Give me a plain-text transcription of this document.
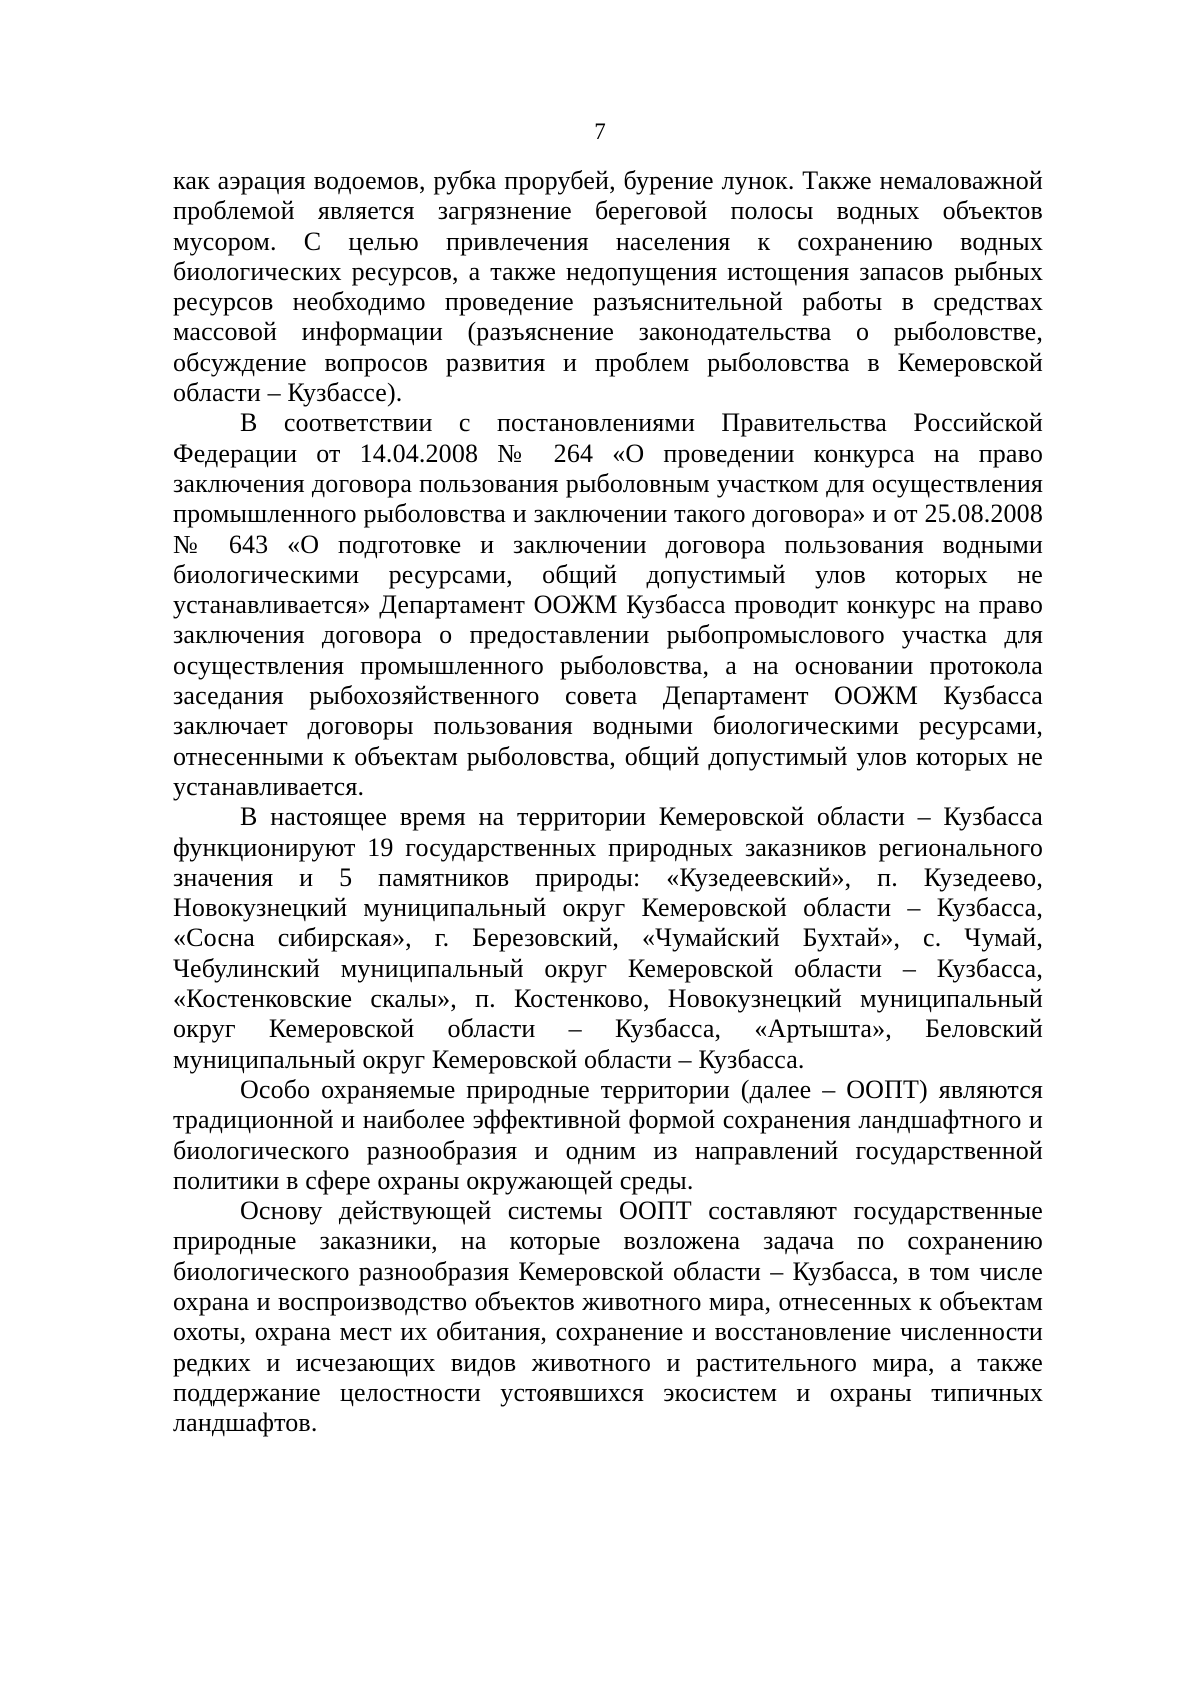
7

как аэрация водоемов, рубка прорубей, бурение лунок. Также немаловажной проблемой является загрязнение береговой полосы водных объектов мусором. С целью привлечения населения к сохранению водных биологических ресурсов, а также недопущения истощения запасов рыбных ресурсов необходимо проведение разъяснительной работы в средствах массовой информации (разъяснение законодательства о рыболовстве, обсуждение вопросов развития и проблем рыболовства в Кемеровской области – Кузбассе).

В соответствии с постановлениями Правительства Российской Федерации от 14.04.2008 № 264 «О проведении конкурса на право заключения договора пользования рыболовным участком для осуществления промышленного рыболовства и заключении такого договора» и от 25.08.2008 № 643 «О подготовке и заключении договора пользования водными биологическими ресурсами, общий допустимый улов которых не устанавливается» Департамент ООЖМ Кузбасса проводит конкурс на право заключения договора о предоставлении рыбопромыслового участка для осуществления промышленного рыболовства, а на основании протокола заседания рыбохозяйственного совета Департамент ООЖМ Кузбасса заключает договоры пользования водными биологическими ресурсами, отнесенными к объектам рыболовства, общий допустимый улов которых не устанавливается.

В настоящее время на территории Кемеровской области – Кузбасса функционируют 19 государственных природных заказников регионального значения и 5 памятников природы: «Кузедеевский», п. Кузедеево, Новокузнецкий муниципальный округ Кемеровской области – Кузбасса, «Сосна сибирская», г. Березовский, «Чумайский Бухтай», с. Чумай, Чебулинский муниципальный округ Кемеровской области – Кузбасса, «Костенковские скалы», п. Костенково, Новокузнецкий муниципальный округ Кемеровской области – Кузбасса, «Артышта», Беловский муниципальный округ Кемеровской области – Кузбасса.

Особо охраняемые природные территории (далее – ООПТ) являются традиционной и наиболее эффективной формой сохранения ландшафтного и биологического разнообразия и одним из направлений государственной политики в сфере охраны окружающей среды.

Основу действующей системы ООПТ составляют государственные природные заказники, на которые возложена задача по сохранению биологического разнообразия Кемеровской области – Кузбасса, в том числе охрана и воспроизводство объектов животного мира, отнесенных к объектам охоты, охрана мест их обитания, сохранение и восстановление численности редких и исчезающих видов животного и растительного мира, а также поддержание целостности устоявшихся экосистем и охраны типичных ландшафтов.
